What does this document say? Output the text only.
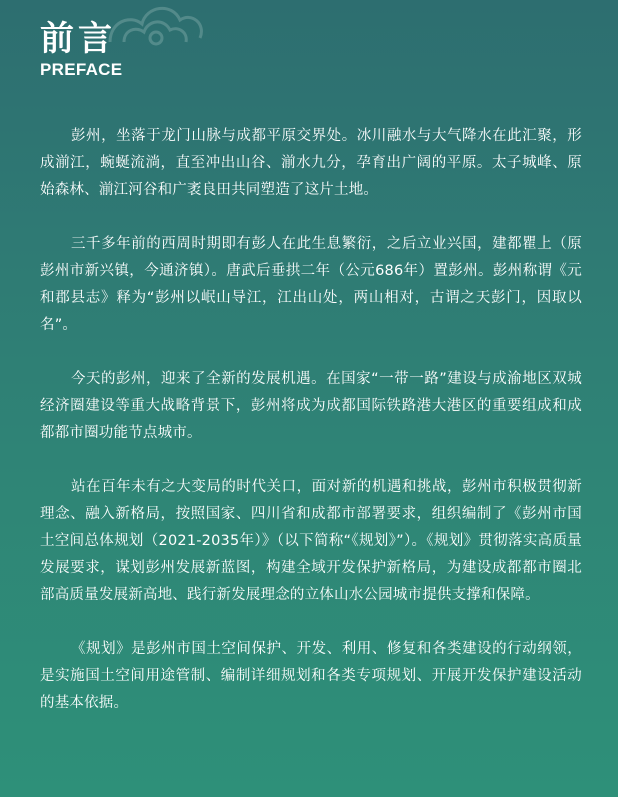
前言
PREFACE

彭州，坐落于龙门山脉与成都平原交界处。冰川融水与大气降水在此汇聚，形成湔江，蜿蜒流淌，直至冲出山谷、湔水九分，孕育出广阔的平原。太子城峰、原始森林、湔江河谷和广袤良田共同塑造了这片土地。

三千多年前的西周时期即有彭人在此生息繁衍，之后立业兴国，建都瞿上（原彭州市新兴镇，今通济镇）。唐武后垂拱二年（公元686年）置彭州。彭州称谓《元和郡县志》释为“彭州以岷山导江，江出山处，两山相对，古谓之天彭门，因取以名”。

今天的彭州，迎来了全新的发展机遇。在国家“一带一路”建设与成渝地区双城经济圈建设等重大战略背景下，彭州将成为成都国际铁路港大港区的重要组成和成都都市圈功能节点城市。

站在百年未有之大变局的时代关口，面对新的机遇和挑战，彭州市积极贯彻新理念、融入新格局，按照国家、四川省和成都市部署要求，组织编制了《彭州市国土空间总体规划（2021-2035年）》（以下简称“《规划》”）。《规划》贯彻落实高质量发展要求，谋划彭州发展新蓝图，构建全域开发保护新格局，为建设成都都市圈北部高质量发展新高地、践行新发展理念的立体山水公园城市提供支撑和保障。

《规划》是彭州市国土空间保护、开发、利用、修复和各类建设的行动纲领，是实施国土空间用途管制、编制详细规划和各类专项规划、开展开发保护建设活动的基本依据。
